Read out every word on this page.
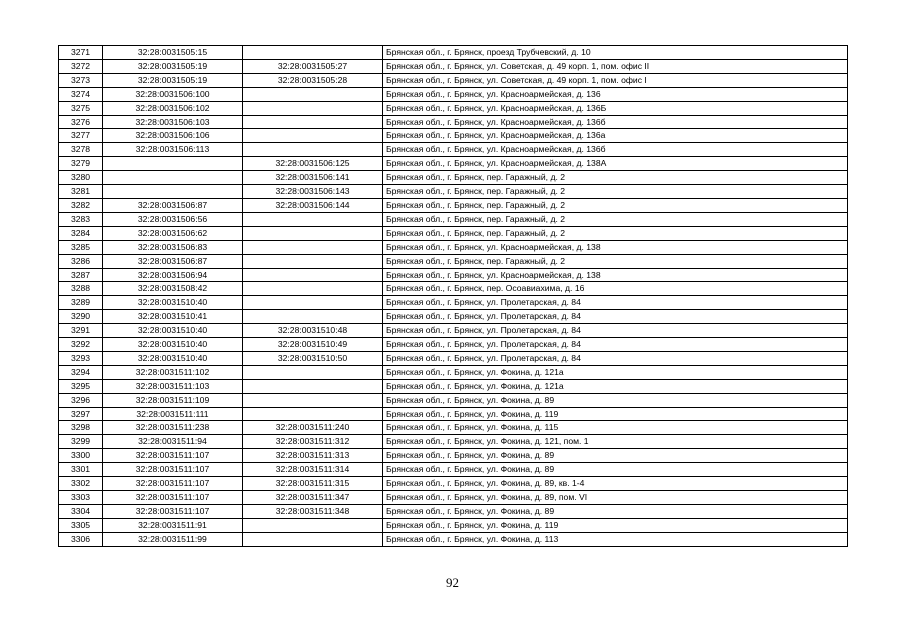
3271	32:28:0031505:15		Брянская обл., г. Брянск, проезд Трубчевский, д. 10
3272	32:28:0031505:19	32:28:0031505:27	Брянская обл., г. Брянск, ул. Советская, д. 49 корп. 1, пом. офис II
3273	32:28:0031505:19	32:28:0031505:28	Брянская обл., г. Брянск, ул. Советская, д. 49 корп. 1, пом. офис I
3274	32:28:0031506:100		Брянская обл., г. Брянск, ул. Красноармейская, д. 136
3275	32:28:0031506:102		Брянская обл., г. Брянск, ул. Красноармейская, д. 136Б
3276	32:28:0031506:103		Брянская обл., г. Брянск, ул. Красноармейская, д. 136б
3277	32:28:0031506:106		Брянская обл., г. Брянск, ул. Красноармейская, д. 136а
3278	32:28:0031506:113		Брянская обл., г. Брянск, ул. Красноармейская, д. 136б
3279		32:28:0031506:125	Брянская обл., г. Брянск, ул. Красноармейская, д. 138А
3280		32:28:0031506:141	Брянская обл., г. Брянск, пер. Гаражный, д. 2
3281		32:28:0031506:143	Брянская обл., г. Брянск, пер. Гаражный, д. 2
3282	32:28:0031506:87	32:28:0031506:144	Брянская обл., г. Брянск, пер. Гаражный, д. 2
3283	32:28:0031506:56		Брянская обл., г. Брянск, пер. Гаражный, д. 2
3284	32:28:0031506:62		Брянская обл., г. Брянск, пер. Гаражный, д. 2
3285	32:28:0031506:83		Брянская обл., г. Брянск, ул. Красноармейская, д. 138
3286	32:28:0031506:87		Брянская обл., г. Брянск, пер. Гаражный, д. 2
3287	32:28:0031506:94		Брянская обл., г. Брянск, ул. Красноармейская, д. 138
3288	32:28:0031508:42		Брянская обл., г. Брянск, пер. Осоавиахима, д. 16
3289	32:28:0031510:40		Брянская обл., г. Брянск, ул. Пролетарская, д. 84
3290	32:28:0031510:41		Брянская обл., г. Брянск, ул. Пролетарская, д. 84
3291	32:28:0031510:40	32:28:0031510:48	Брянская обл., г. Брянск, ул. Пролетарская, д. 84
3292	32:28:0031510:40	32:28:0031510:49	Брянская обл., г. Брянск, ул. Пролетарская, д. 84
3293	32:28:0031510:40	32:28:0031510:50	Брянская обл., г. Брянск, ул. Пролетарская, д. 84
3294	32:28:0031511:102		Брянская обл., г. Брянск, ул. Фокина, д. 121а
3295	32:28:0031511:103		Брянская обл., г. Брянск, ул. Фокина, д. 121а
3296	32:28:0031511:109		Брянская обл., г. Брянск, ул. Фокина, д. 89
3297	32:28:0031511:111		Брянская обл., г. Брянск, ул. Фокина, д. 119
3298	32:28:0031511:238	32:28:0031511:240	Брянская обл., г. Брянск, ул. Фокина, д. 115
3299	32:28:0031511:94	32:28:0031511:312	Брянская обл., г. Брянск, ул. Фокина, д. 121, пом. 1
3300	32:28:0031511:107	32:28:0031511:313	Брянская обл., г. Брянск, ул. Фокина, д. 89
3301	32:28:0031511:107	32:28:0031511:314	Брянская обл., г. Брянск, ул. Фокина, д. 89
3302	32:28:0031511:107	32:28:0031511:315	Брянская обл., г. Брянск, ул. Фокина, д. 89, кв. 1-4
3303	32:28:0031511:107	32:28:0031511:347	Брянская обл., г. Брянск, ул. Фокина, д. 89, пом. VI
3304	32:28:0031511:107	32:28:0031511:348	Брянская обл., г. Брянск, ул. Фокина, д. 89
3305	32:28:0031511:91		Брянская обл., г. Брянск, ул. Фокина, д. 119
3306	32:28:0031511:99		Брянская обл., г. Брянск, ул. Фокина, д. 113
92
